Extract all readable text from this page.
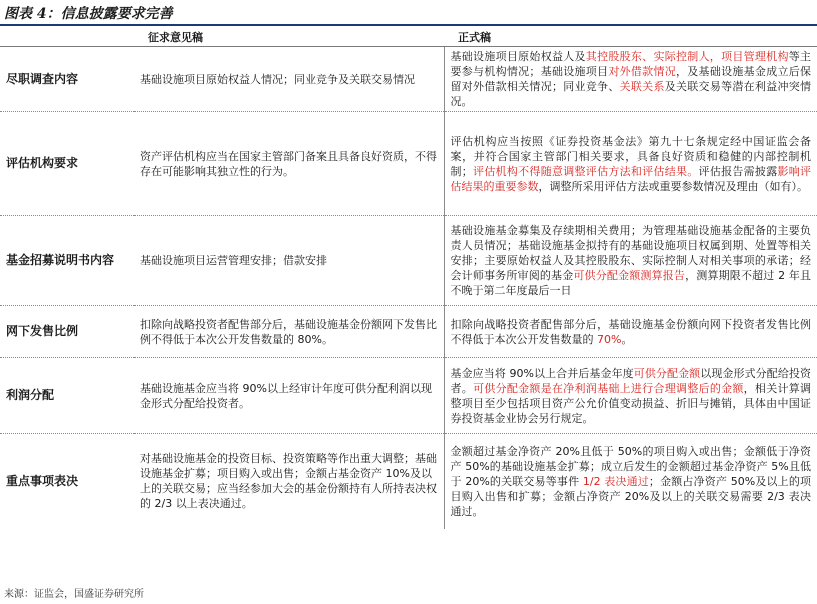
图表 4：信息披露要求完善
	征求意见稿	正式稿
尽职调查内容	基础设施项目原始权益人情况；同业竞争及关联交易情况	基础设施项目原始权益人及其控股股东、实际控制人，项目管理机构等主要参与机构情况；基础设施项目对外借款情况，及基础设施基金成立后保留对外借款相关情况；同业竞争、关联关系及关联交易等潜在利益冲突情况。
评估机构要求	资产评估机构应当在国家主管部门备案且具备良好资质，不得存在可能影响其独立性的行为。	评估机构应当按照《证券投资基金法》第九十七条规定经中国证监会备案，并符合国家主管部门相关要求，具备良好资质和稳健的内部控制机制；评估机构不得随意调整评估方法和评估结果。评估报告需披露影响评估结果的重要参数，调整所采用评估方法或重要参数情况及理由（如有）。
基金招募说明书内容	基础设施项目运营管理安排；借款安排	基础设施基金募集及存续期相关费用；为管理基础设施基金配备的主要负责人员情况；基础设施基金拟持有的基础设施项目权属到期、处置等相关安排；主要原始权益人及其控股股东、实际控制人对相关事项的承诺；经会计师事务所审阅的基金可供分配金额测算报告，测算期限不超过 2 年且不晚于第二年度最后一日
网下发售比例	扣除向战略投资者配售部分后，基础设施基金份额网下发售比例不得低于本次公开发售数量的 80%。	扣除向战略投资者配售部分后，基础设施基金份额向网下投资者发售比例不得低于本次公开发售数量的 70%。
利润分配	基础设施基金应当将 90%以上经审计年度可供分配利润以现金形式分配给投资者。	基金应当将 90%以上合并后基金年度可供分配金额以现金形式分配给投资者。可供分配金额是在净利润基础上进行合理调整后的金额，相关计算调整项目至少包括项目资产公允价值变动损益、折旧与摊销，具体由中国证券投资基金业协会另行规定。
重点事项表决	对基础设施基金的投资目标、投资策略等作出重大调整；基础设施基金扩募；项目购入或出售；金额占基金资产 10%及以上的关联交易；应当经参加大会的基金份额持有人所持表决权的 2/3 以上表决通过。	金额超过基金净资产 20%且低于 50%的项目购入或出售；金额低于净资产 50%的基础设施基金扩募；成立后发生的金额超过基金净资产 5%且低于 20%的关联交易等事件 1/2 表决通过；金额占净资产 50%及以上的项目购入出售和扩募；金额占净资产 20%及以上的关联交易需要 2/3 表决通过。
来源：证监会，国盛证券研究所
